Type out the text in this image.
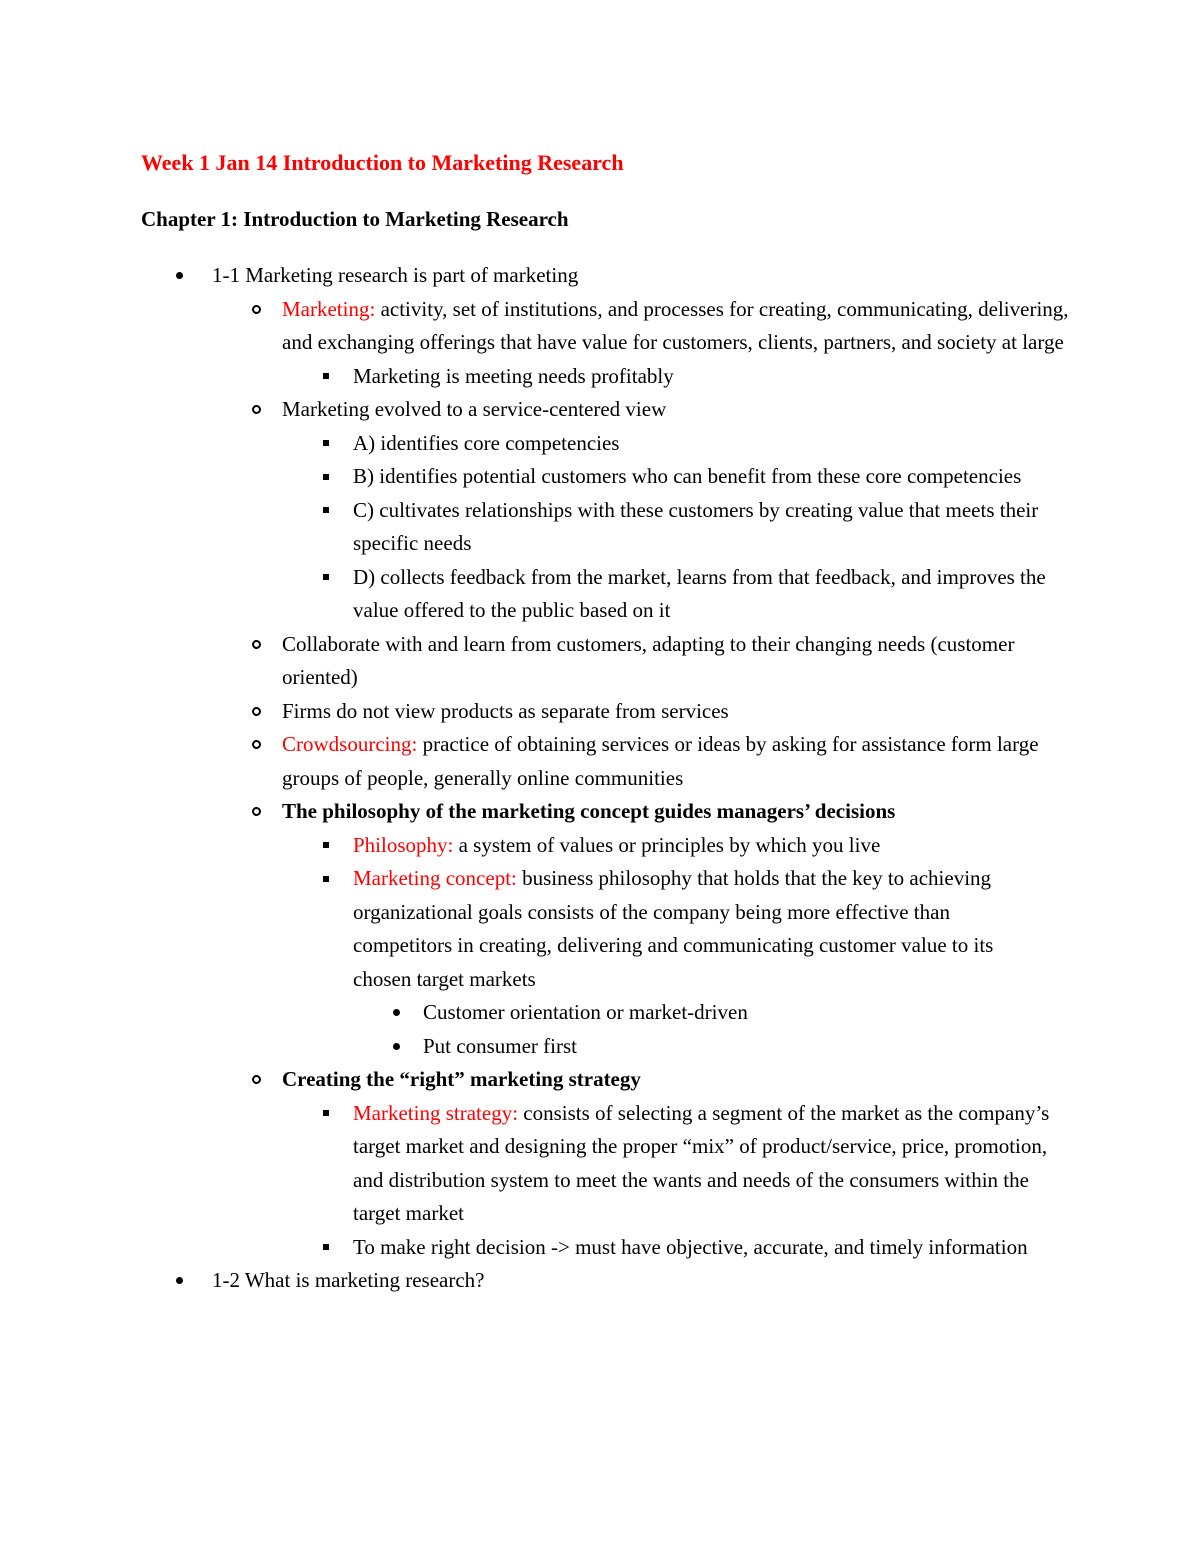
Week 1 Jan 14 Introduction to Marketing Research
Chapter 1: Introduction to Marketing Research
1-1 Marketing research is part of marketing
Marketing: activity, set of institutions, and processes for creating, communicating, delivering, and exchanging offerings that have value for customers, clients, partners, and society at large
Marketing is meeting needs profitably
Marketing evolved to a service-centered view
A) identifies core competencies
B) identifies potential customers who can benefit from these core competencies
C) cultivates relationships with these customers by creating value that meets their specific needs
D) collects feedback from the market, learns from that feedback, and improves the value offered to the public based on it
Collaborate with and learn from customers, adapting to their changing needs (customer oriented)
Firms do not view products as separate from services
Crowdsourcing: practice of obtaining services or ideas by asking for assistance form large groups of people, generally online communities
The philosophy of the marketing concept guides managers’ decisions
Philosophy: a system of values or principles by which you live
Marketing concept: business philosophy that holds that the key to achieving organizational goals consists of the company being more effective than competitors in creating, delivering and communicating customer value to its chosen target markets
Customer orientation or market-driven
Put consumer first
Creating the “right” marketing strategy
Marketing strategy: consists of selecting a segment of the market as the company’s target market and designing the proper “mix” of product/service, price, promotion, and distribution system to meet the wants and needs of the consumers within the target market
To make right decision -> must have objective, accurate, and timely information
1-2 What is marketing research?
